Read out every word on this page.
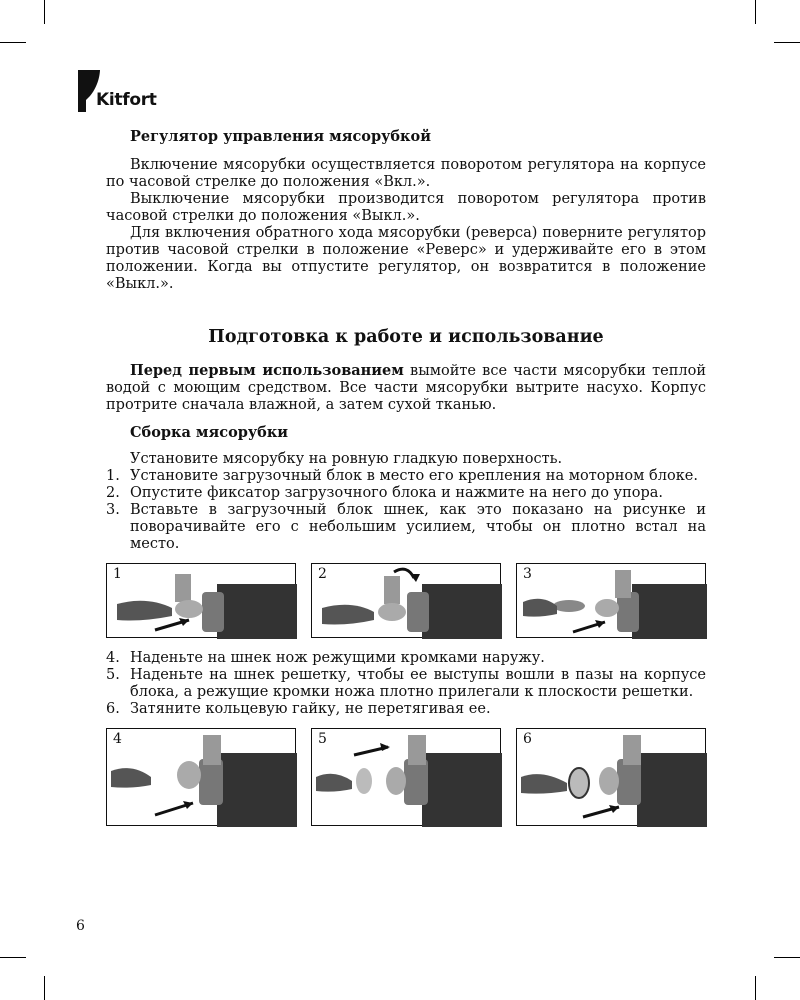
Kitfort

Регулятор управления мясорубкой

Включение мясорубки осуществляется поворотом регулятора на корпусе по часовой стрелке до положения «Вкл.».

Выключение мясорубки производится поворотом регулятора против часовой стрелки до положения «Выкл.».

Для включения обратного хода мясорубки (реверса) поверните регулятор против часовой стрелки в положение «Реверс» и удерживайте его в этом положении. Когда вы отпустите регулятор, он возвратится в положение «Выкл.».

Подготовка к работе и использование

Перед первым использованием вымойте все части мясорубки теплой водой с моющим средством. Все части мясорубки вытрите насухо. Корпус протрите сначала влажной, а затем сухой тканью.

Сборка мясорубки

Установите мясорубку на ровную гладкую поверхность.

1. Установите загрузочный блок в место его крепления на моторном блоке.
2. Опустите фиксатор загрузочного блока и нажмите на него до упора.
3. Вставьте в загрузочный блок шнек, как это показано на рисунке и поворачивайте его с небольшим усилием, чтобы он плотно встал на место.
1	2	3
4. Наденьте на шнек нож режущими кромками наружу.
5. Наденьте на шнек решетку, чтобы ее выступы вошли в пазы на корпусе блока, а режущие кромки ножа плотно прилегали к плоскости решетки.
6. Затяните кольцевую гайку, не перетягивая ее.
4	5	6
6
